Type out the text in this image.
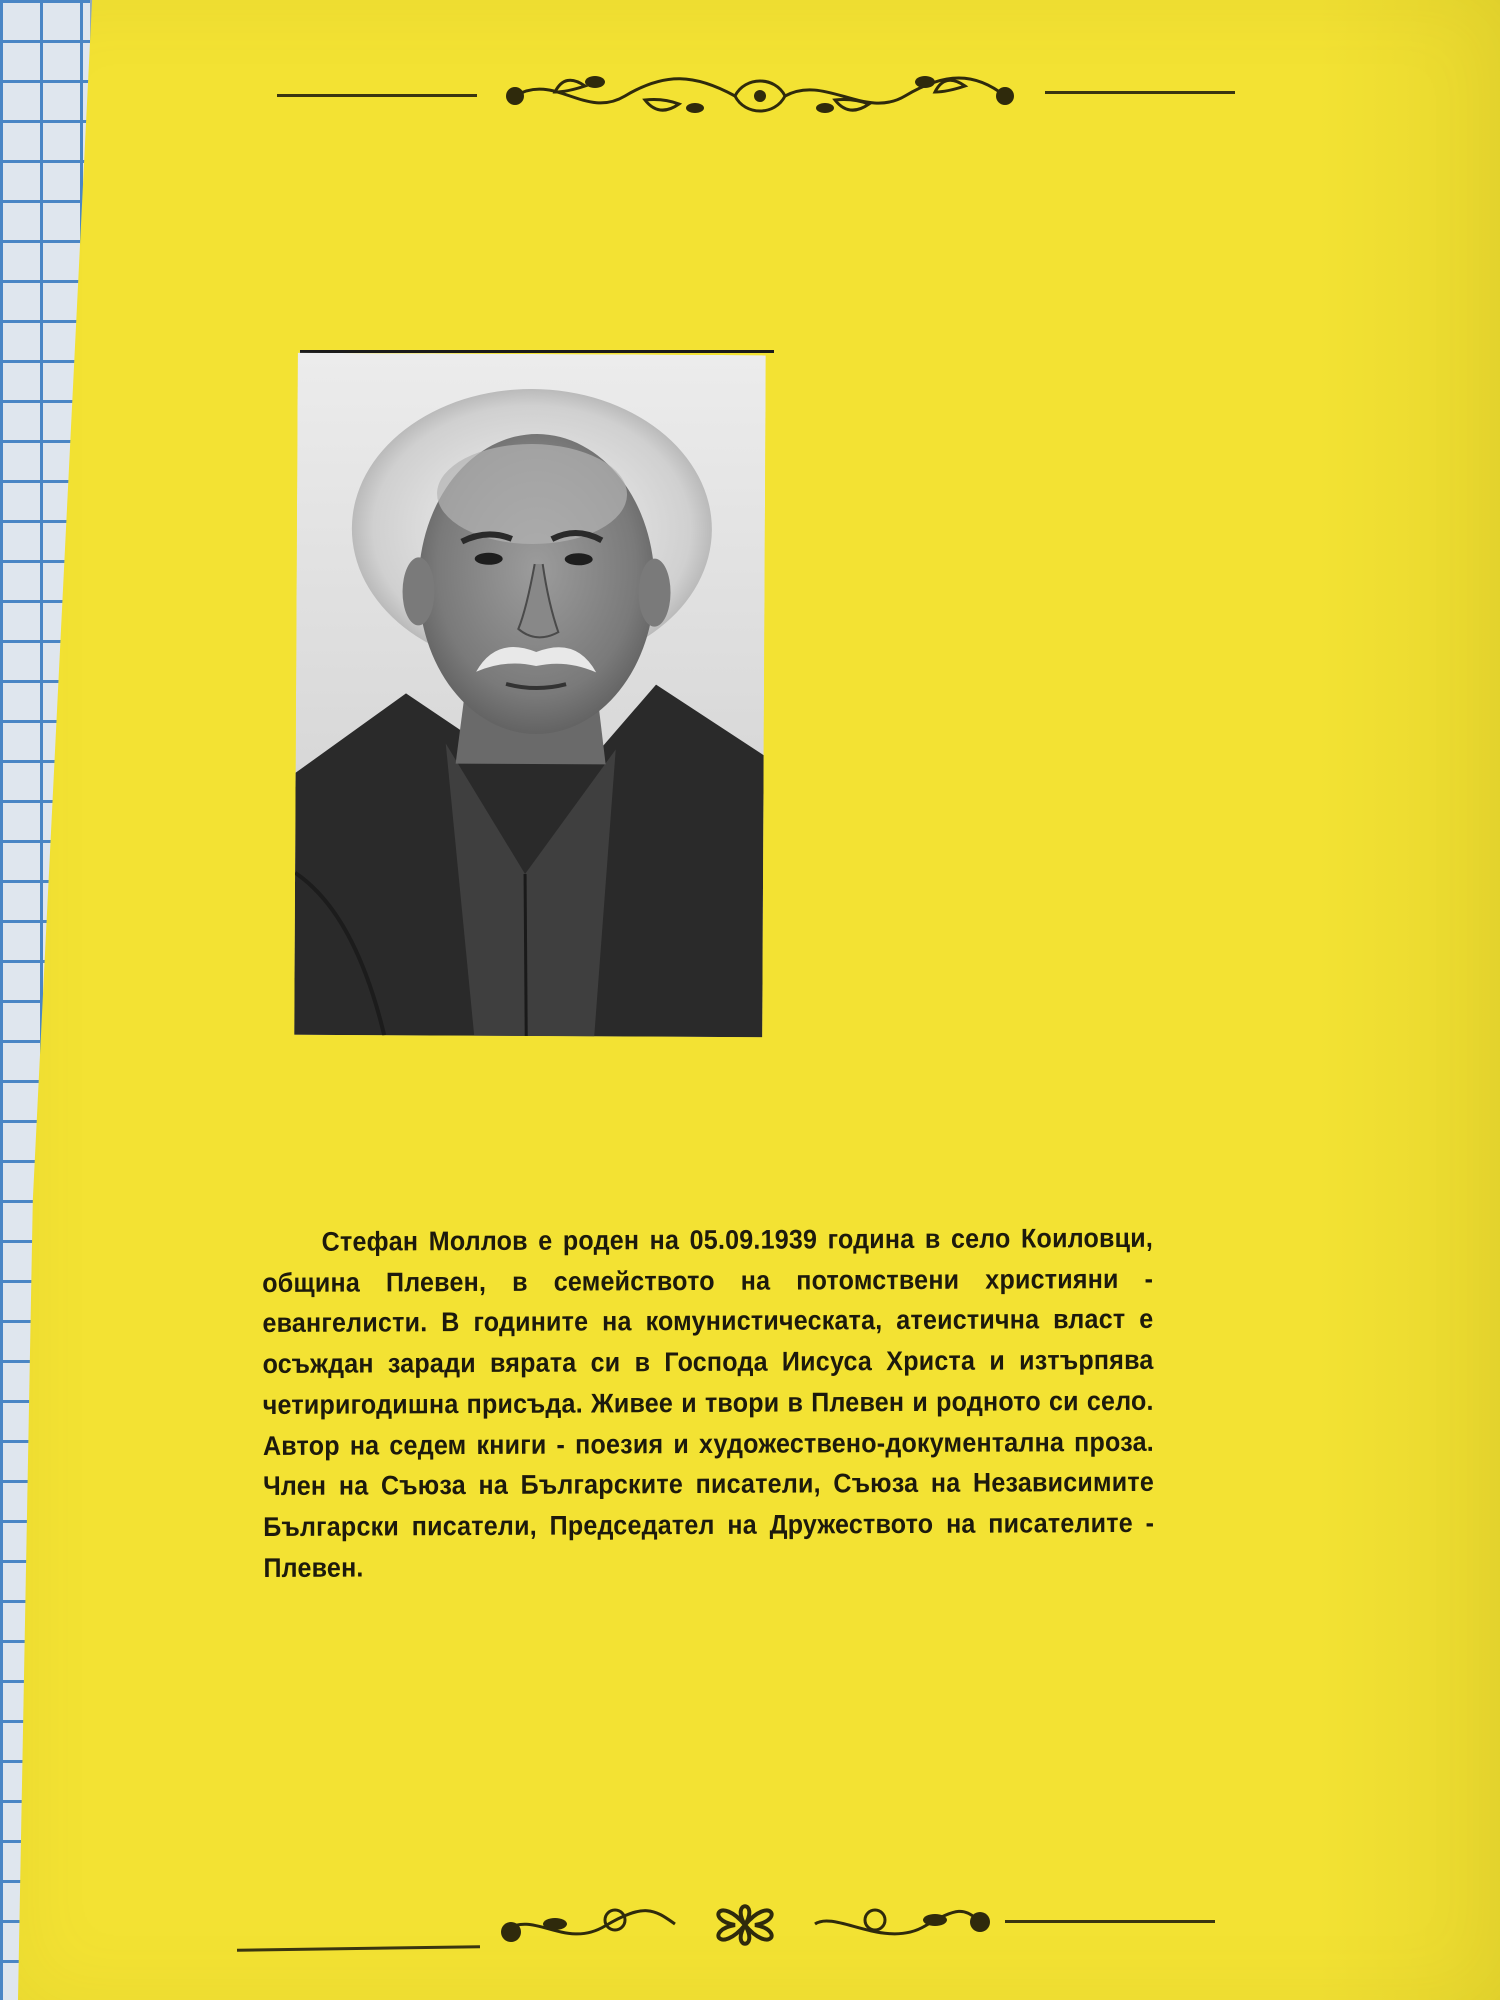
Стефан Моллов е роден на 05.09.1939 година в село Коиловци, община Плевен, в семейството на потомствени християни - евангелисти. В годините на комунистическата, атеистична власт е осъждан заради вярата си в Господа Иисуса Христа и изтърпява четиригодишна присъда. Живее и твори в Плевен и родното си село. Автор на седем книги - поезия и художествено-документална проза. Член на Съюза на Българските писатели, Съюза на Независимите Български писатели, Председател на Дружеството на писателите - Плевен.
